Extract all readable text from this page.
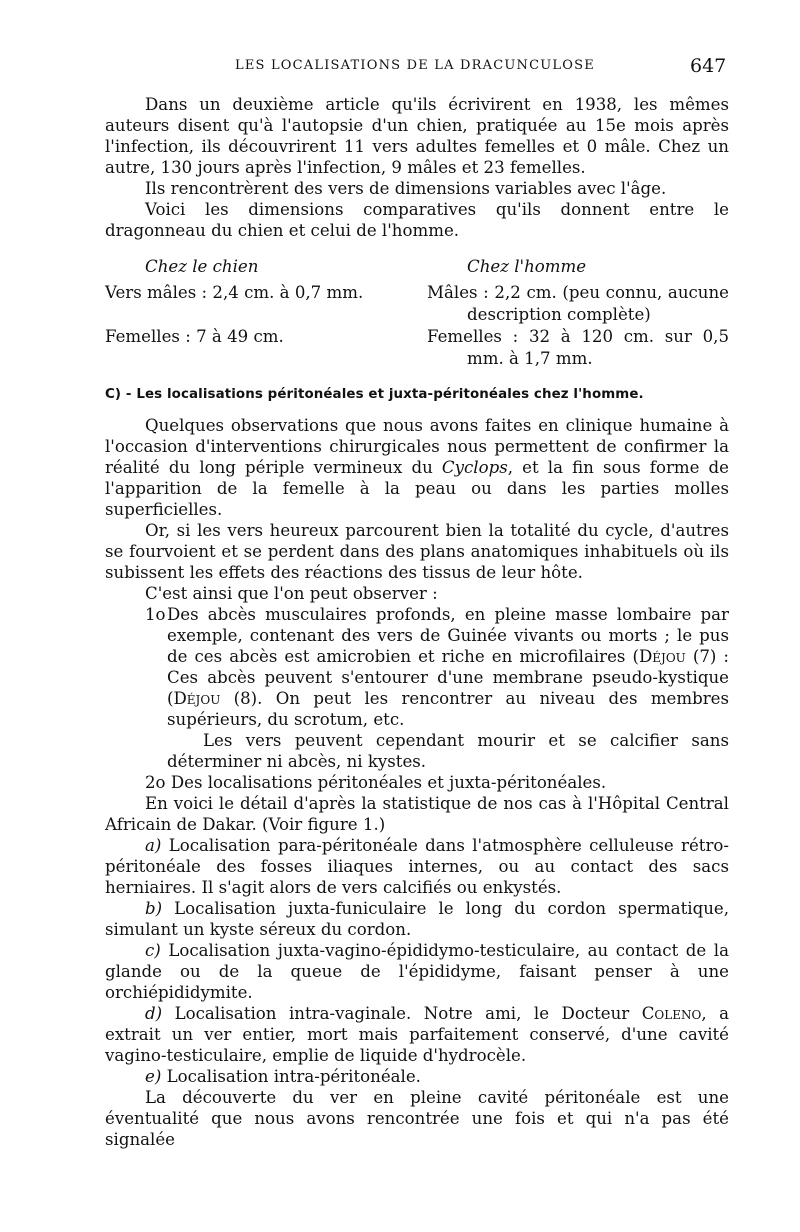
LES LOCALISATIONS DE LA DRACUNCULOSE	647

Dans un deuxième article qu'ils écrivirent en 1938, les mêmes auteurs disent qu'à l'autopsie d'un chien, pratiquée au 15e mois après l'infection, ils découvrirent 11 vers adultes femelles et 0 mâle. Chez un autre, 130 jours après l'infection, 9 mâles et 23 femelles.

Ils rencontrèrent des vers de dimensions variables avec l'âge.

Voici les dimensions comparatives qu'ils donnent entre le dragonneau du chien et celui de l'homme.

Chez le chien
Vers mâles : 2,4 cm. à 0,7 mm.
Femelles : 7 à 49 cm.
Chez l'homme
Mâles : 2,2 cm. (peu connu, aucune description complète)
Femelles : 32 à 120 cm. sur 0,5 mm. à 1,7 mm.
C) - Les localisations péritonéales et juxta-péritonéales chez l'homme.

Quelques observations que nous avons faites en clinique humaine à l'occasion d'interventions chirurgicales nous permettent de confirmer la réalité du long périple vermineux du Cyclops, et la fin sous forme de l'apparition de la femelle à la peau ou dans les parties molles superficielles.

Or, si les vers heureux parcourent bien la totalité du cycle, d'autres se fourvoient et se perdent dans des plans anatomiques inhabituels où ils subissent les effets des réactions des tissus de leur hôte.

C'est ainsi que l'on peut observer :

1oDes abcès musculaires profonds, en pleine masse lombaire par exemple, contenant des vers de Guinée vivants ou morts ; le pus de ces abcès est amicrobien et riche en microfilaires (Déjou (7) : Ces abcès peuvent s'entourer d'une membrane pseudo-kystique (Déjou (8). On peut les rencontrer au niveau des membres supérieurs, du scrotum, etc.

Les vers peuvent cependant mourir et se calcifier sans déterminer ni abcès, ni kystes.

2o Des localisations péritonéales et juxta-péritonéales.

En voici le détail d'après la statistique de nos cas à l'Hôpital Central Africain de Dakar. (Voir figure 1.)

a) Localisation para-péritonéale dans l'atmosphère celluleuse rétro-péritonéale des fosses iliaques internes, ou au contact des sacs herniaires. Il s'agit alors de vers calcifiés ou enkystés.

b) Localisation juxta-funiculaire le long du cordon spermatique, simulant un kyste séreux du cordon.

c) Localisation juxta-vagino-épididymo-testiculaire, au contact de la glande ou de la queue de l'épididyme, faisant penser à une orchiépididymite.

d) Localisation intra-vaginale. Notre ami, le Docteur Coleno, a extrait un ver entier, mort mais parfaitement conservé, d'une cavité vagino-testiculaire, emplie de liquide d'hydrocèle.

e) Localisation intra-péritonéale.

La découverte du ver en pleine cavité péritonéale est une éventualité que nous avons rencontrée une fois et qui n'a pas été signalée
